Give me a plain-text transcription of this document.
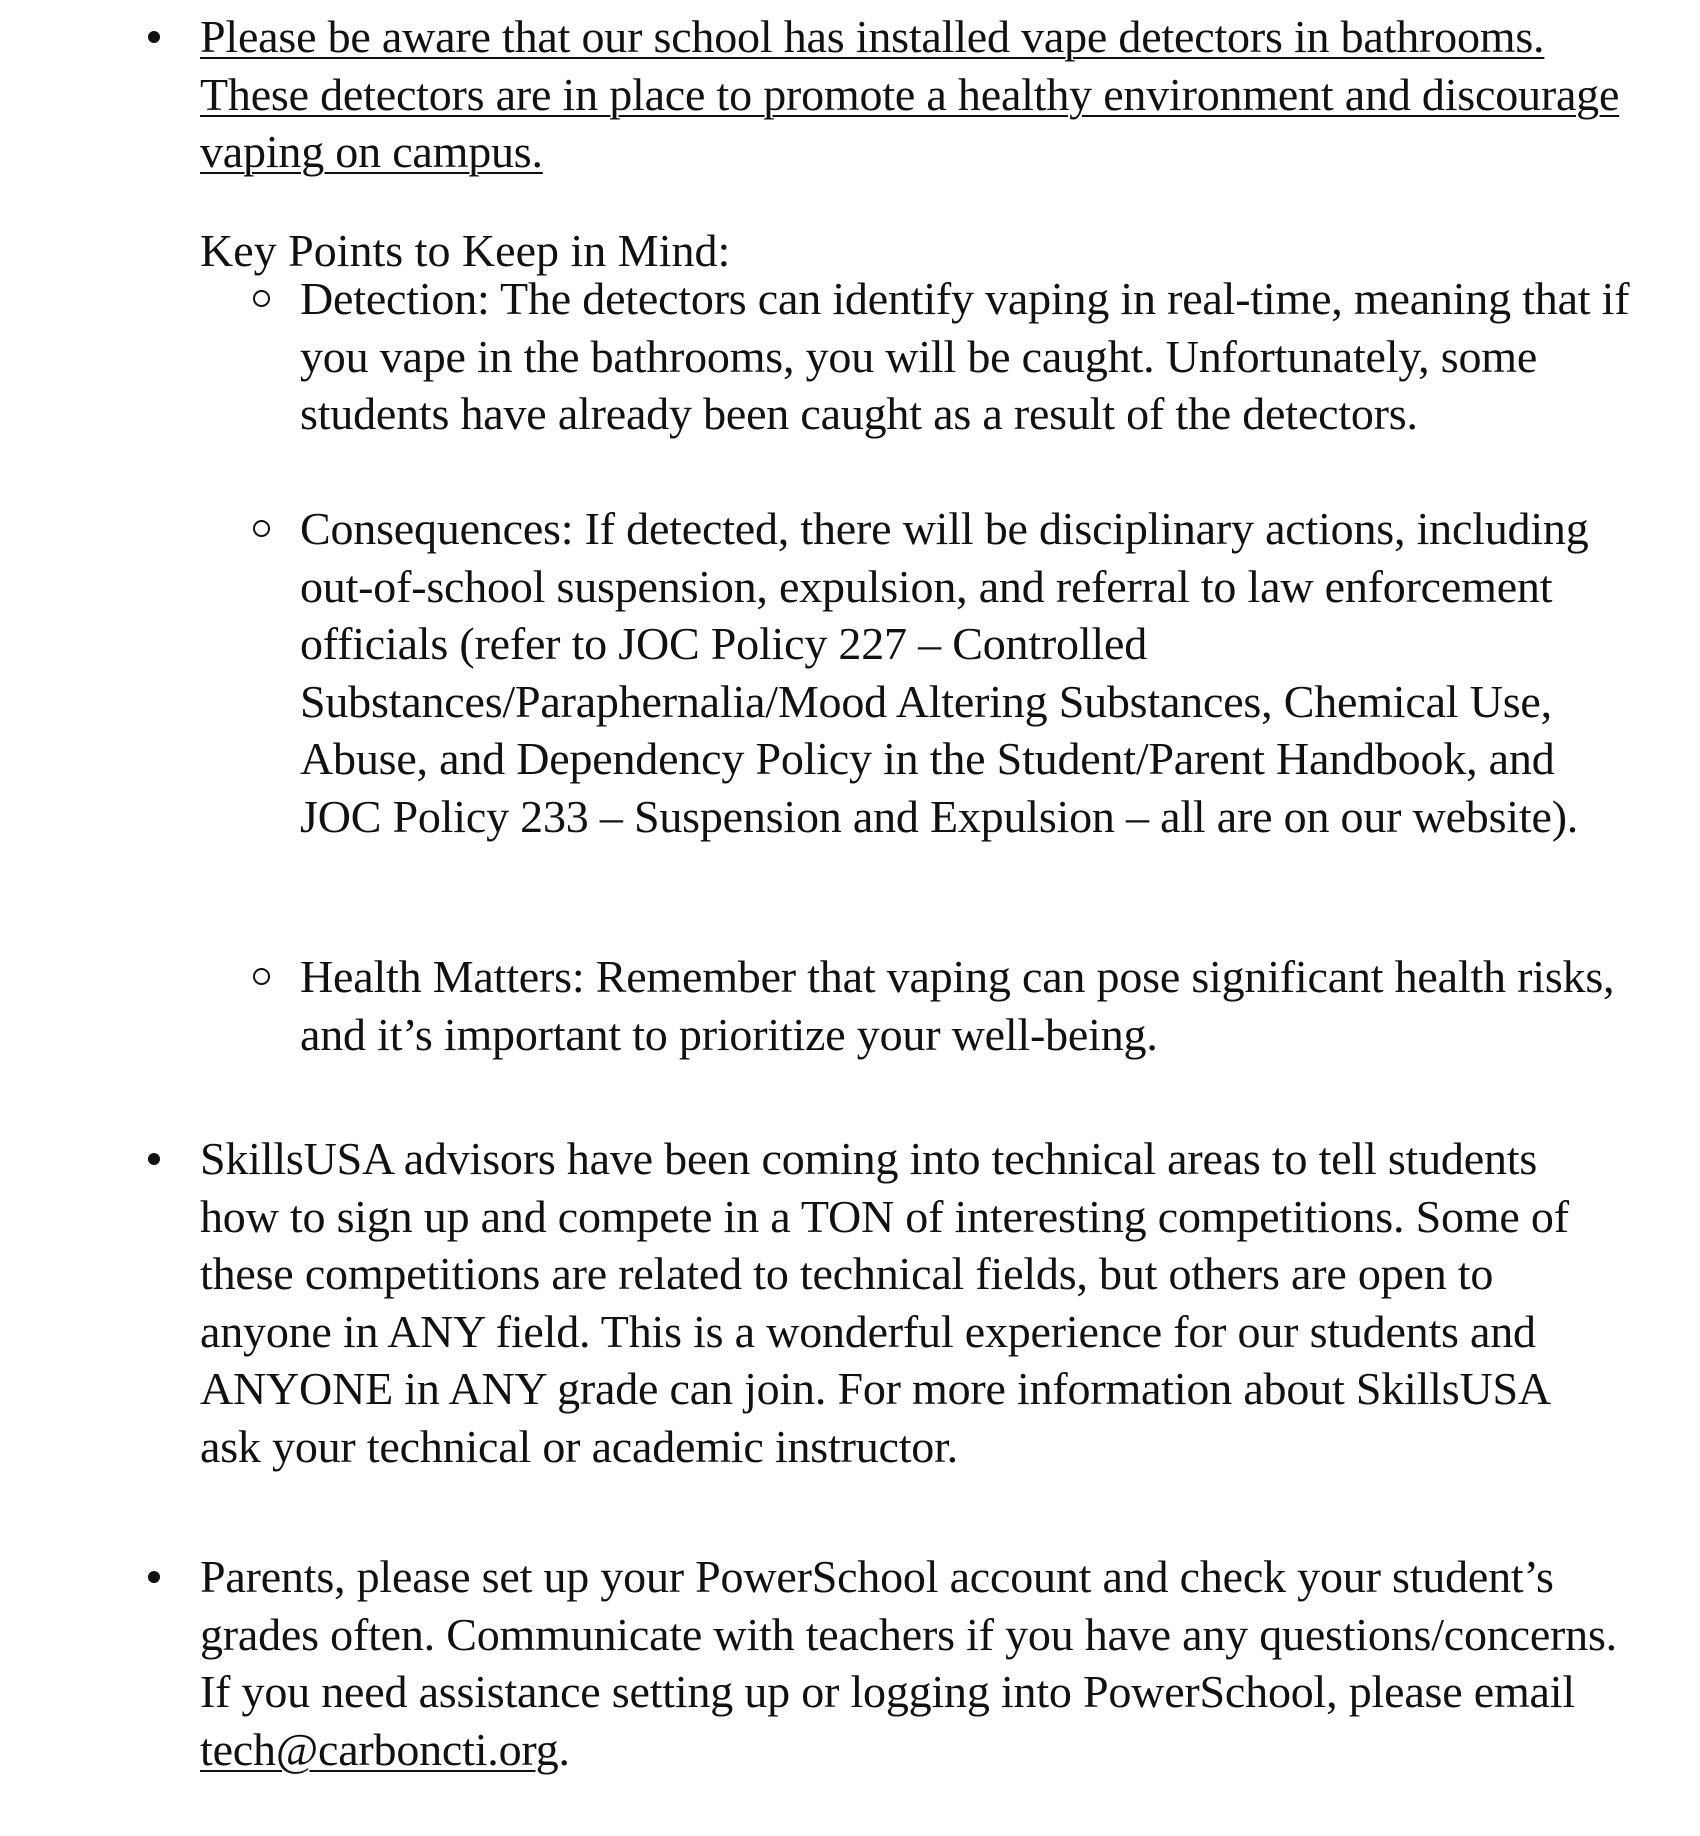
Please be aware that our school has installed vape detectors in bathrooms. These detectors are in place to promote a healthy environment and discourage vaping on campus.
Key Points to Keep in Mind:
Detection: The detectors can identify vaping in real-time, meaning that if you vape in the bathrooms, you will be caught. Unfortunately, some students have already been caught as a result of the detectors.
Consequences: If detected, there will be disciplinary actions, including out-of-school suspension, expulsion, and referral to law enforcement officials (refer to JOC Policy 227 – Controlled Substances/Paraphernalia/Mood Altering Substances, Chemical Use, Abuse, and Dependency Policy in the Student/Parent Handbook, and JOC Policy 233 – Suspension and Expulsion – all are on our website).
Health Matters: Remember that vaping can pose significant health risks, and it’s important to prioritize your well-being.
SkillsUSA advisors have been coming into technical areas to tell students how to sign up and compete in a TON of interesting competitions. Some of these competitions are related to technical fields, but others are open to anyone in ANY field. This is a wonderful experience for our students and ANYONE in ANY grade can join. For more information about SkillsUSA ask your technical or academic instructor.
Parents, please set up your PowerSchool account and check your student’s grades often. Communicate with teachers if you have any questions/concerns. If you need assistance setting up or logging into PowerSchool, please email tech@carboncti.org.
